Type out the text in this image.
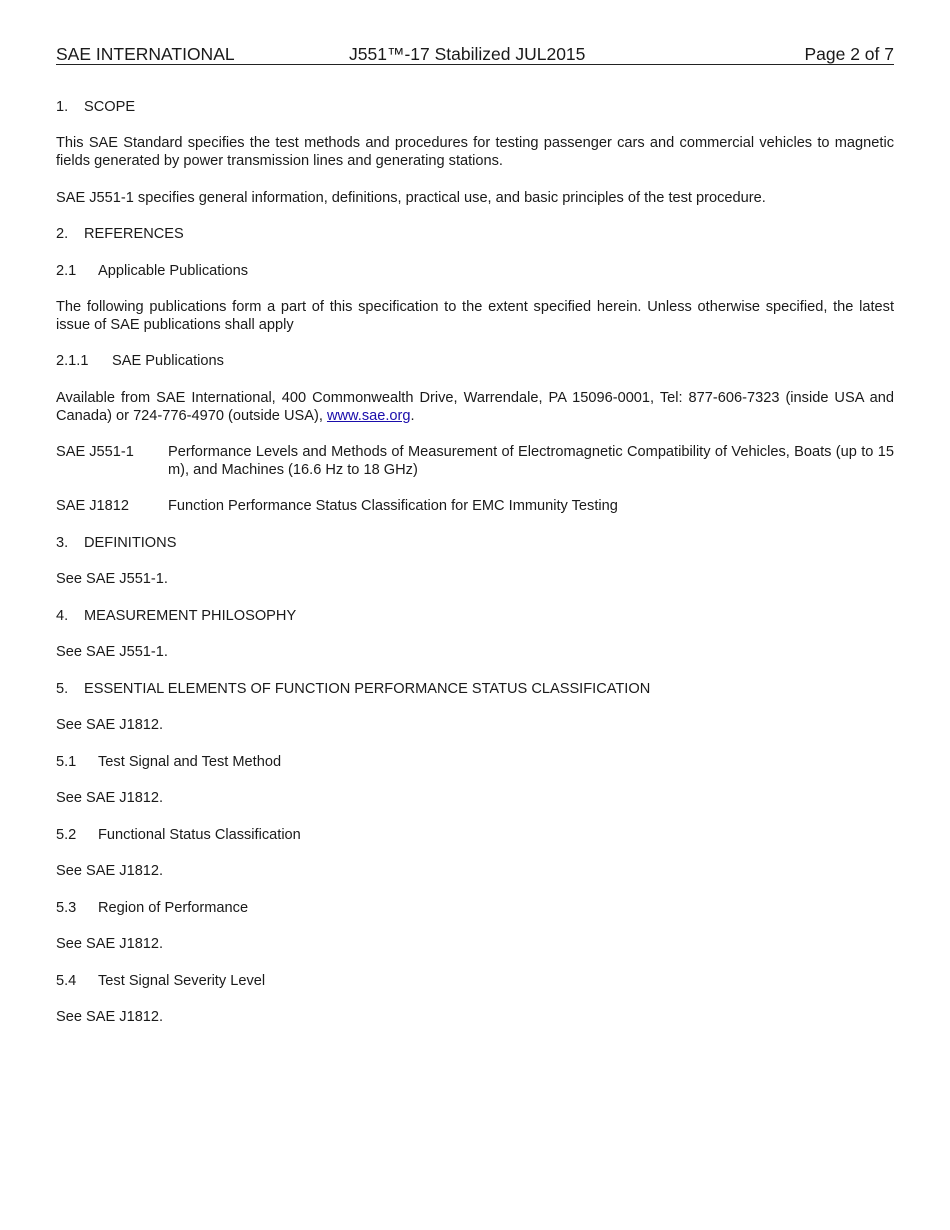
SAE INTERNATIONAL	J551™-17 Stabilized JUL2015	Page 2 of 7
1. SCOPE
This SAE Standard specifies the test methods and procedures for testing passenger cars and commercial vehicles to magnetic fields generated by power transmission lines and generating stations.
SAE J551-1 specifies general information, definitions, practical use, and basic principles of the test procedure.
2. REFERENCES
2.1 Applicable Publications
The following publications form a part of this specification to the extent specified herein. Unless otherwise specified, the latest issue of SAE publications shall apply
2.1.1 SAE Publications
Available from SAE International, 400 Commonwealth Drive, Warrendale, PA 15096-0001, Tel: 877-606-7323 (inside USA and Canada) or 724-776-4970 (outside USA), www.sae.org.
SAE J551-1 Performance Levels and Methods of Measurement of Electromagnetic Compatibility of Vehicles, Boats (up to 15 m), and Machines (16.6 Hz to 18 GHz)
SAE J1812	Function Performance Status Classification for EMC Immunity Testing
3. DEFINITIONS
See SAE J551-1.
4. MEASUREMENT PHILOSOPHY
See SAE J551-1.
5. ESSENTIAL ELEMENTS OF FUNCTION PERFORMANCE STATUS CLASSIFICATION
See SAE J1812.
5.1 Test Signal and Test Method
See SAE J1812.
5.2 Functional Status Classification
See SAE J1812.
5.3 Region of Performance
See SAE J1812.
5.4 Test Signal Severity Level
See SAE J1812.
